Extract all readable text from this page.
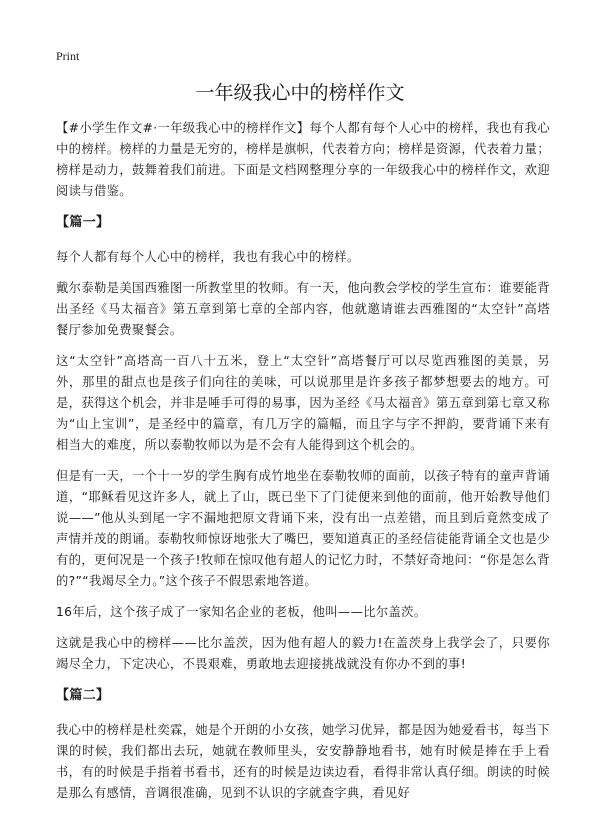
Print
一年级我心中的榜样作文

【#小学生作文#·一年级我心中的榜样作文】每个人都有每个人心中的榜样，我也有我心中的榜样。榜样的力量是无穷的，榜样是旗帜，代表着方向；榜样是资源，代表着力量；榜样是动力，鼓舞着我们前进。下面是文档网整理分享的一年级我心中的榜样作文，欢迎阅读与借鉴。

【篇一】

每个人都有每个人心中的榜样，我也有我心中的榜样。

戴尔泰勒是美国西雅图一所教堂里的牧师。有一天，他向教会学校的学生宣布：谁要能背出圣经《马太福音》第五章到第七章的全部内容，他就邀请谁去西雅图的“太空针”高塔餐厅参加免费聚餐会。

这“太空针”高塔高一百八十五米，登上“太空针”高塔餐厅可以尽览西雅图的美景，另外，那里的甜点也是孩子们向往的美味，可以说那里是许多孩子都梦想要去的地方。可是，获得这个机会，并非是唾手可得的易事，因为圣经《马太福音》第五章到第七章又称为“山上宝训”，是圣经中的篇章，有几万字的篇幅，而且字与字不押韵，要背诵下来有相当大的难度，所以泰勒牧师以为是不会有人能得到这个机会的。

但是有一天，一个十一岁的学生胸有成竹地坐在泰勒牧师的面前，以孩子特有的童声背诵道，“耶稣看见这许多人，就上了山，既已坐下了门徒便来到他的面前，他开始教导他们说——”他从头到尾一字不漏地把原文背诵下来，没有出一点差错，而且到后竟然变成了声情并茂的朗诵。泰勒牧师惊讶地张大了嘴巴，要知道真正的圣经信徒能背诵全文也是少有的，更何况是一个孩子!牧师在惊叹他有超人的记忆力时，不禁好奇地问：“你是怎么背的?”“我竭尽全力。”这个孩子不假思索地答道。

16年后，这个孩子成了一家知名企业的老板，他叫——比尔盖茨。

这就是我心中的榜样——比尔盖茨，因为他有超人的毅力!在盖茨身上我学会了，只要你竭尽全力，下定决心，不畏艰难，勇敢地去迎接挑战就没有你办不到的事!

【篇二】

我心中的榜样是杜奕霖，她是个开朗的小女孩，她学习优异，都是因为她爱看书，每当下课的时候，我们都出去玩，她就在教师里头，安安静静地看书，她有时候是捧在手上看书，有的时候是手指着书看书，还有的时候是边读边看，看得非常认真仔细。朗读的时候是那么有感情，音调很准确，见到不认识的字就查字典，看见好
